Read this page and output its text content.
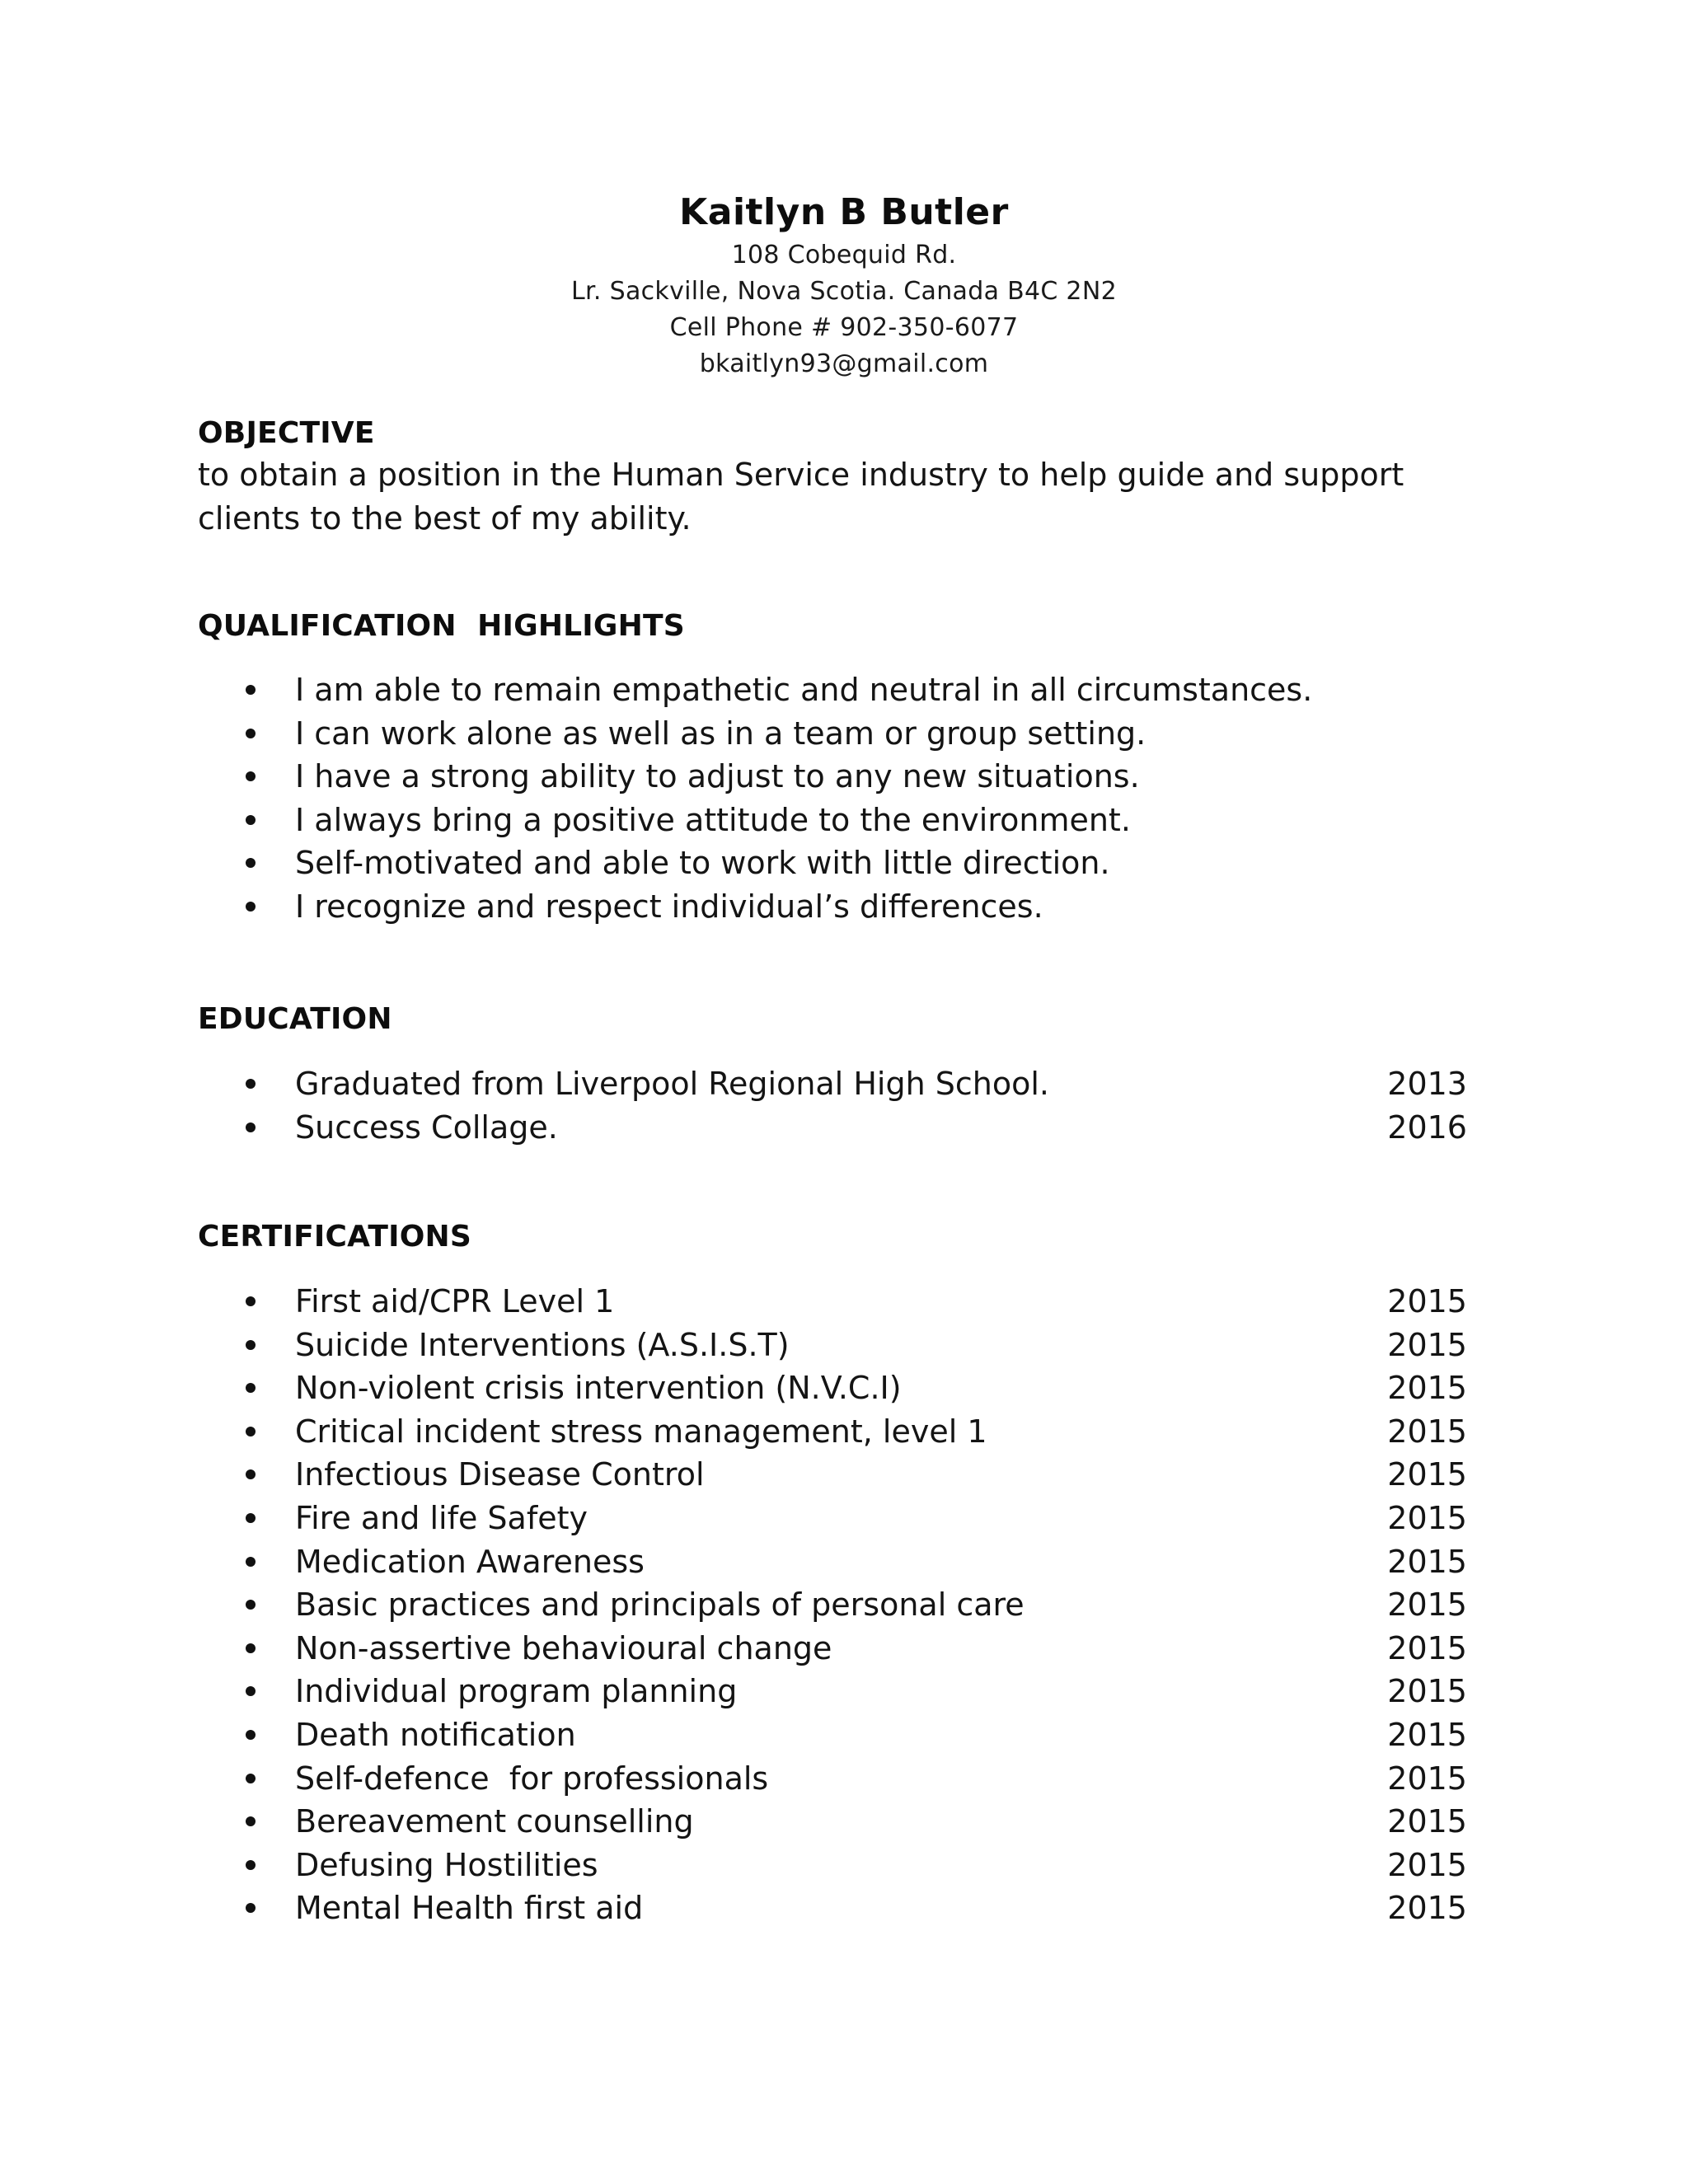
Kaitlyn B Butler
108 Cobequid Rd.
Lr. Sackville, Nova Scotia. Canada B4C 2N2
Cell Phone # 902-350-6077
bkaitlyn93@gmail.com
OBJECTIVE

to obtain a position in the Human Service industry to help guide and support clients to the best of my ability.

QUALIFICATION  HIGHLIGHTS
I am able to remain empathetic and neutral in all circumstances.
I can work alone as well as in a team or group setting.
I have a strong ability to adjust to any new situations.
I always bring a positive attitude to the environment.
Self-motivated and able to work with little direction.
I recognize and respect individual’s differences.
EDUCATION
Graduated from Liverpool Regional High School.	2013
Success Collage.	2016
CERTIFICATIONS
First aid/CPR Level 1	2015
Suicide Interventions (A.S.I.S.T)	2015
Non-violent crisis intervention (N.V.C.I)	2015
Critical incident stress management, level 1	2015
Infectious Disease Control	2015
Fire and life Safety	2015
Medication Awareness	2015
Basic practices and principals of personal care	2015
Non-assertive behavioural change	2015
Individual program planning	2015
Death notification	2015
Self-defence  for professionals	2015
Bereavement counselling	2015
Defusing Hostilities	2015
Mental Health first aid	2015
